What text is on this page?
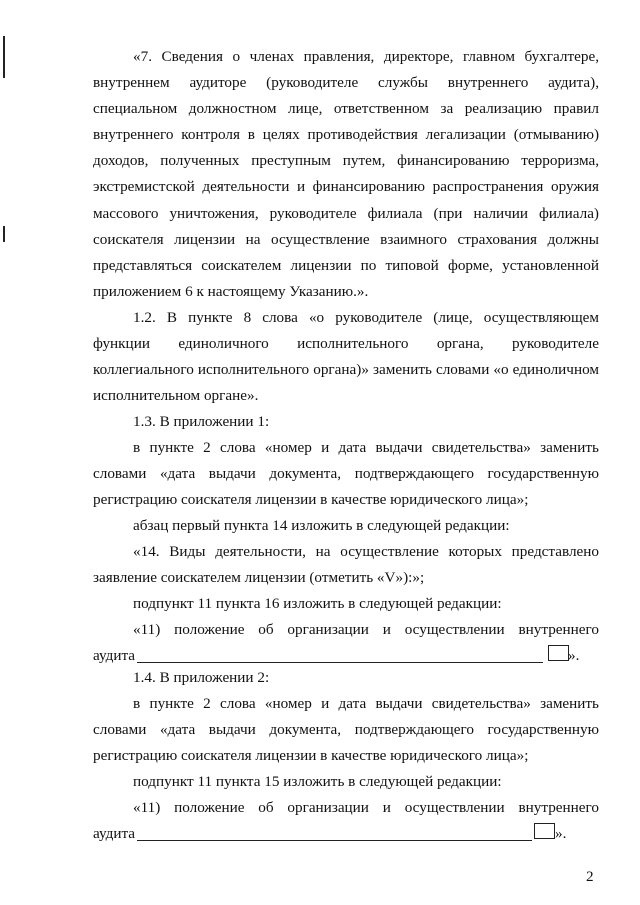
«7. Сведения о членах правления, директоре, главном бухгалтере, внутреннем аудиторе (руководителе службы внутреннего аудита), специальном должностном лице, ответственном за реализацию правил внутреннего контроля в целях противодействия легализации (отмыванию) доходов, полученных преступным путем, финансированию терроризма, экстремистской деятельности и финансированию распространения оружия массового уничтожения, руководителе филиала (при наличии филиала) соискателя лицензии на осуществление взаимного страхования должны представляться соискателем лицензии по типовой форме, установленной приложением 6 к настоящему Указанию.».

1.2. В пункте 8 слова «о руководителе (лице, осуществляющем функции единоличного исполнительного органа, руководителе коллегиального исполнительного органа)» заменить словами «о единоличном исполнительном органе».

1.3. В приложении 1:

в пункте 2 слова «номер и дата выдачи свидетельства» заменить словами «дата выдачи документа, подтверждающего государственную регистрацию соискателя лицензии в качестве юридического лица»;

абзац первый пункта 14 изложить в следующей редакции:

«14. Виды деятельности, на осуществление которых представлено заявление соискателем лицензии (отметить «V»):»;

подпункт 11 пункта 16 изложить в следующей редакции:

«11) положение об организации и осуществлении внутреннего

аудита	».

1.4. В приложении 2:

в пункте 2 слова «номер и дата выдачи свидетельства» заменить словами «дата выдачи документа, подтверждающего государственную регистрацию соискателя лицензии в качестве юридического лица»;

подпункт 11 пункта 15 изложить в следующей редакции:

«11) положение об организации и осуществлении внутреннего

аудита	».
2
